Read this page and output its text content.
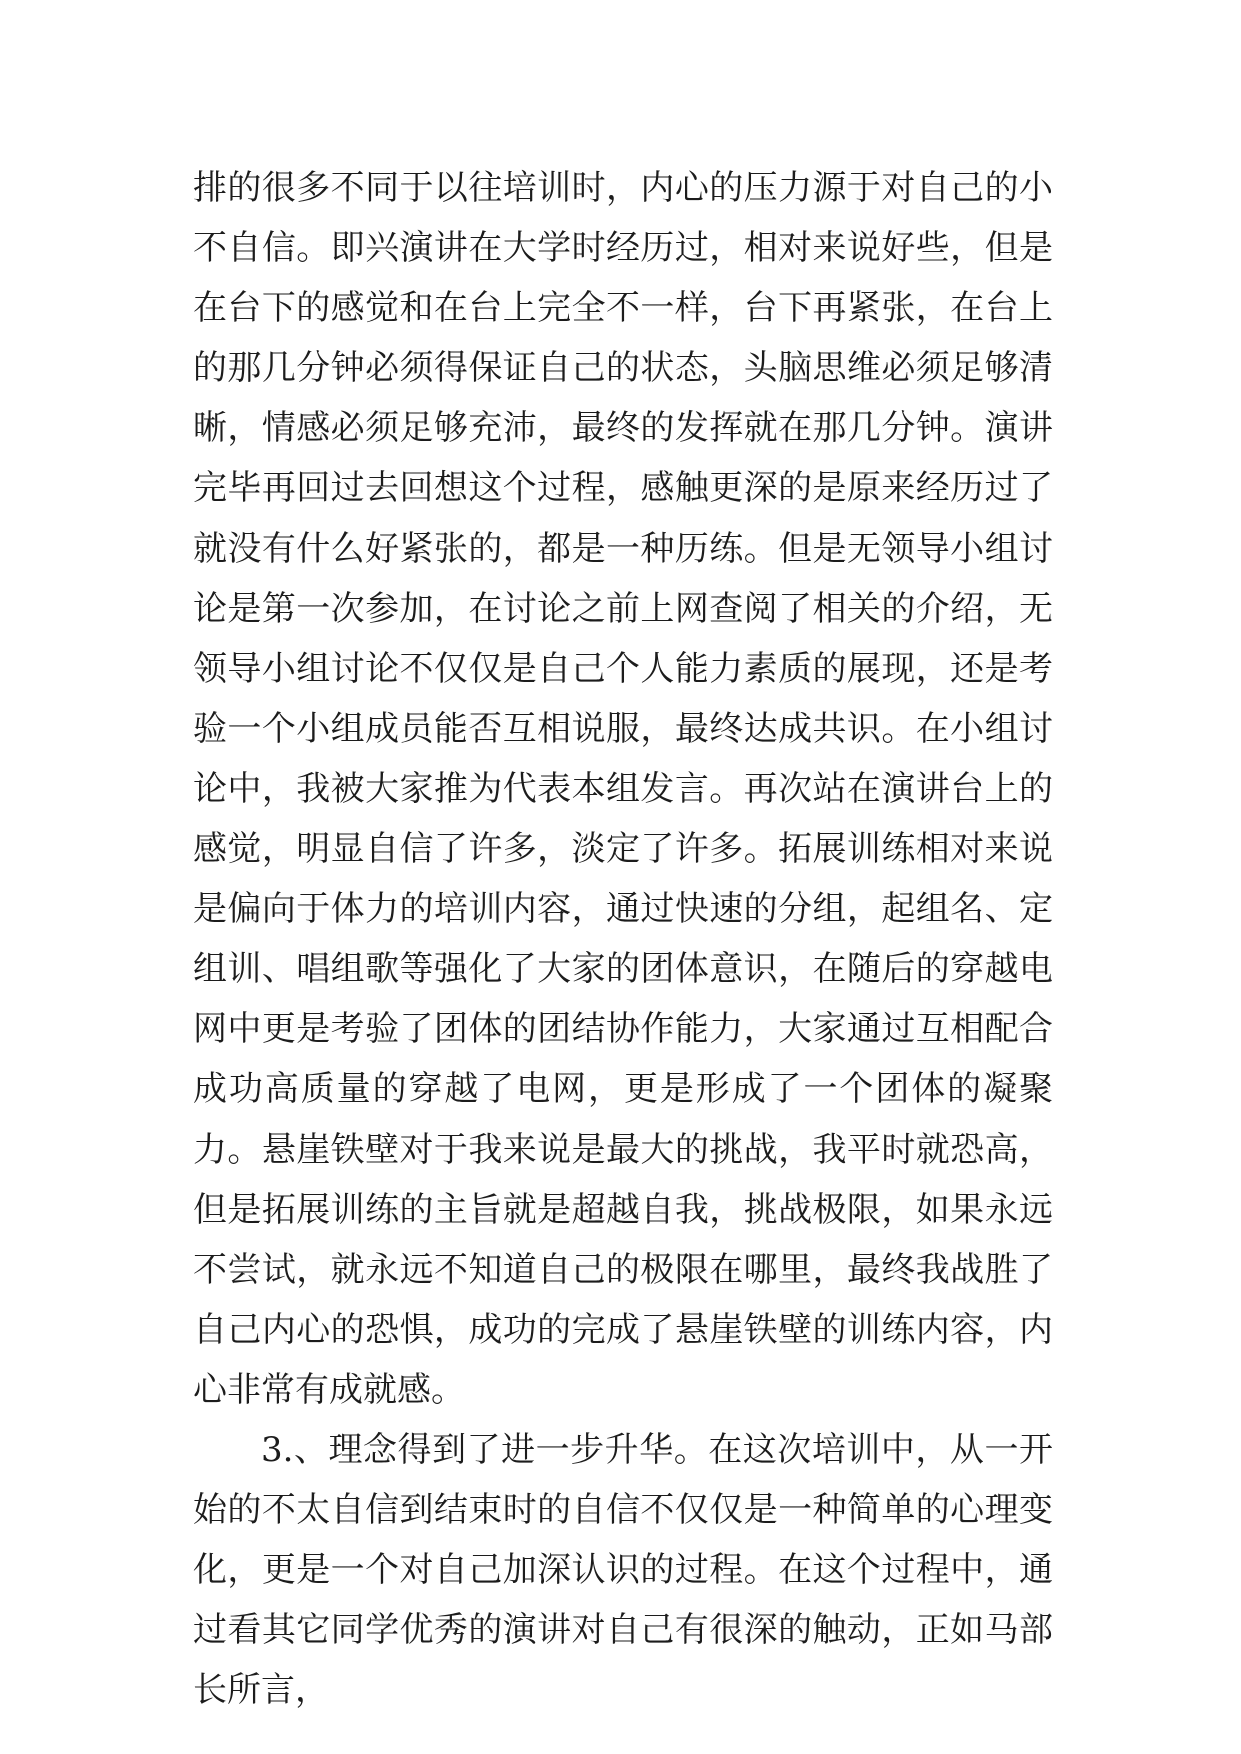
排的很多不同于以往培训时，内心的压力源于对自己的小不自信。即兴演讲在大学时经历过，相对来说好些，但是在台下的感觉和在台上完全不一样，台下再紧张，在台上的那几分钟必须得保证自己的状态，头脑思维必须足够清晰，情感必须足够充沛，最终的发挥就在那几分钟。演讲完毕再回过去回想这个过程，感触更深的是原来经历过了就没有什么好紧张的，都是一种历练。但是无领导小组讨论是第一次参加，在讨论之前上网查阅了相关的介绍，无领导小组讨论不仅仅是自己个人能力素质的展现，还是考验一个小组成员能否互相说服，最终达成共识。在小组讨论中，我被大家推为代表本组发言。再次站在演讲台上的感觉，明显自信了许多，淡定了许多。拓展训练相对来说是偏向于体力的培训内容，通过快速的分组，起组名、定组训、唱组歌等强化了大家的团体意识，在随后的穿越电网中更是考验了团体的团结协作能力，大家通过互相配合成功高质量的穿越了电网，更是形成了一个团体的凝聚力。悬崖铁壁对于我来说是最大的挑战，我平时就恐高，但是拓展训练的主旨就是超越自我，挑战极限，如果永远不尝试，就永远不知道自己的极限在哪里，最终我战胜了自己内心的恐惧，成功的完成了悬崖铁壁的训练内容，内心非常有成就感。

3.、理念得到了进一步升华。在这次培训中，从一开始的不太自信到结束时的自信不仅仅是一种简单的心理变化，更是一个对自己加深认识的过程。在这个过程中，通过看其它同学优秀的演讲对自己有很深的触动，正如马部长所言，
